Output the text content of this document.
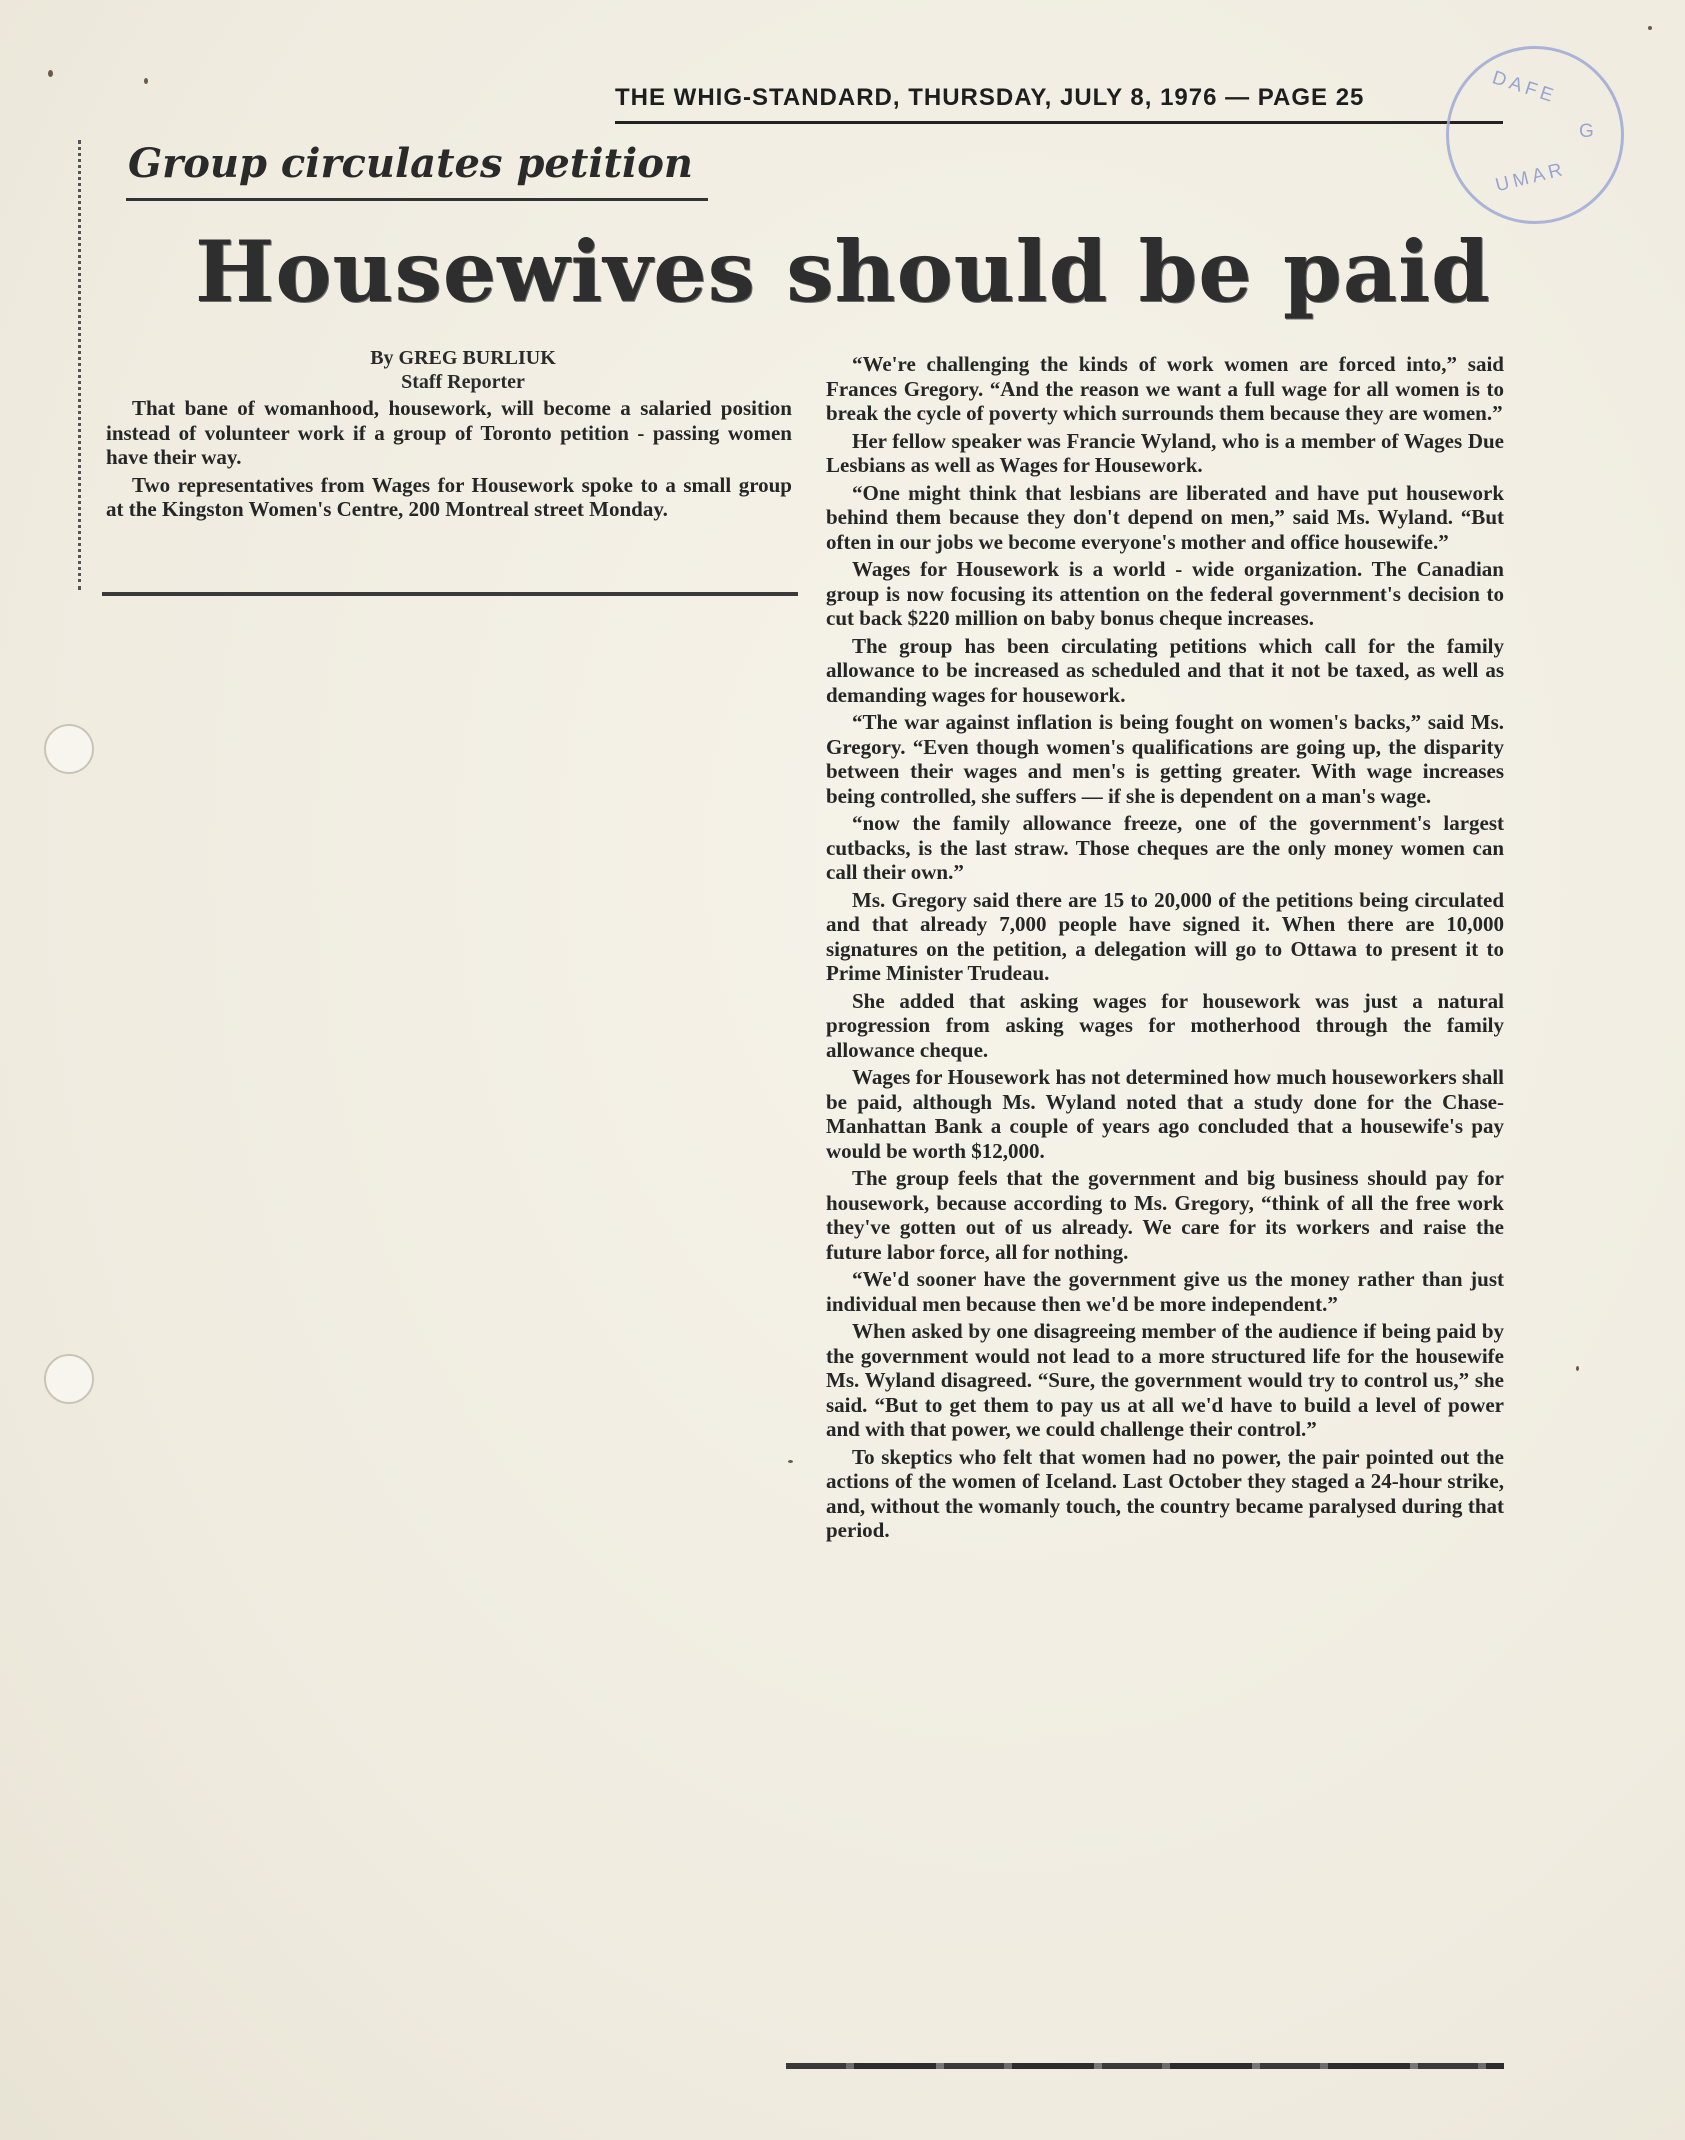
THE WHIG-STANDARD, THURSDAY, JULY 8, 1976 — PAGE 25	DAFE
G
UMAR
Group circulates petition
Housewives should be paid
By GREG BURLIUK
Staff Reporter

That bane of womanhood, housework, will become a salaried position instead of volunteer work if a group of Toronto petition - passing women have their way.

Two representatives from Wages for Housework spoke to a small group at the Kingston Women's Centre, 200 Montreal street Monday.

“We're challenging the kinds of work women are forced into,” said Frances Gregory. “And the reason we want a full wage for all women is to break the cycle of poverty which surrounds them because they are women.”

Her fellow speaker was Francie Wyland, who is a member of Wages Due Lesbians as well as Wages for Housework.

“One might think that lesbians are liberated and have put housework behind them because they don't depend on men,” said Ms. Wyland. “But often in our jobs we become everyone's mother and office housewife.”

Wages for Housework is a world - wide organization. The Canadian group is now focusing its attention on the federal government's decision to cut back $220 million on baby bonus cheque increases.

The group has been circulating petitions which call for the family allowance to be increased as scheduled and that it not be taxed, as well as demanding wages for housework.

“The war against inflation is being fought on women's backs,” said Ms. Gregory. “Even though women's qualifications are going up, the disparity between their wages and men's is getting greater. With wage increases being controlled, she suffers — if she is dependent on a man's wage.

“now the family allowance freeze, one of the government's largest cutbacks, is the last straw. Those cheques are the only money women can call their own.”

Ms. Gregory said there are 15 to 20,000 of the petitions being circulated and that already 7,000 people have signed it. When there are 10,000 signatures on the petition, a delegation will go to Ottawa to present it to Prime Minister Trudeau.

She added that asking wages for housework was just a natural progression from asking wages for motherhood through the family allowance cheque.

Wages for Housework has not determined how much houseworkers shall be paid, although Ms. Wyland noted that a study done for the Chase-Manhattan Bank a couple of years ago concluded that a housewife's pay would be worth $12,000.

The group feels that the government and big business should pay for housework, because according to Ms. Gregory, “think of all the free work they've gotten out of us already. We care for its workers and raise the future labor force, all for nothing.

“We'd sooner have the government give us the money rather than just individual men because then we'd be more independent.”

When asked by one disagreeing member of the audience if being paid by the government would not lead to a more structured life for the housewife Ms. Wyland disagreed. “Sure, the government would try to control us,” she said. “But to get them to pay us at all we'd have to build a level of power and with that power, we could challenge their control.”

To skeptics who felt that women had no power, the pair pointed out the actions of the women of Iceland. Last October they staged a 24-hour strike, and, without the womanly touch, the country became paralysed during that period.
